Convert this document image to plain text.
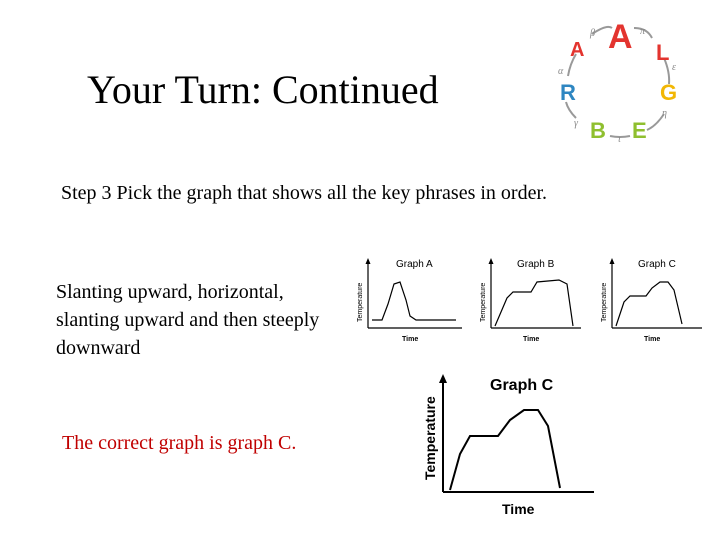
Your Turn: Continued
A A L
G
E
B
R
β	π
ε
η
ι
γ
α
Step 3 Pick the graph that shows all the key phrases in order.
Slanting upward, horizontal, slanting upward and then steeply downward
The correct graph is graph C.
Graph A
Temperature
Time
Graph B
Temperature
Time
Graph C
Temperature
Time
Graph C
Temperature
Time
